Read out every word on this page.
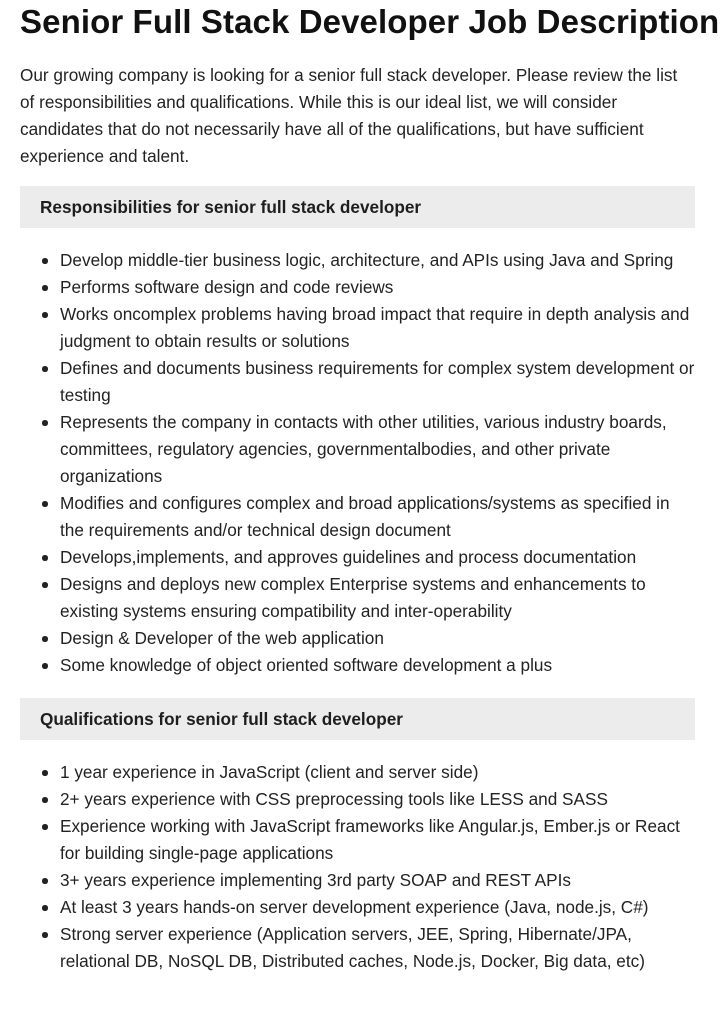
Senior Full Stack Developer Job Description

Our growing company is looking for a senior full stack developer. Please review the list of responsibilities and qualifications. While this is our ideal list, we will consider candidates that do not necessarily have all of the qualifications, but have sufficient experience and talent.

Responsibilities for senior full stack developer
Develop middle-tier business logic, architecture, and APIs using Java and Spring
Performs software design and code reviews
Works oncomplex problems having broad impact that require in depth analysis and judgment to obtain results or solutions
Defines and documents business requirements for complex system development or testing
Represents the company in contacts with other utilities, various industry boards, committees, regulatory agencies, governmentalbodies, and other private organizations
Modifies and configures complex and broad applications/systems as specified in the requirements and/or technical design document
Develops,implements, and approves guidelines and process documentation
Designs and deploys new complex Enterprise systems and enhancements to existing systems ensuring compatibility and inter-operability
Design & Developer of the web application
Some knowledge of object oriented software development a plus
Qualifications for senior full stack developer
1 year experience in JavaScript (client and server side)
2+ years experience with CSS preprocessing tools like LESS and SASS
Experience working with JavaScript frameworks like Angular.js, Ember.js or React for building single-page applications
3+ years experience implementing 3rd party SOAP and REST APIs
At least 3 years hands-on server development experience (Java, node.js, C#)
Strong server experience (Application servers, JEE, Spring, Hibernate/JPA, relational DB, NoSQL DB, Distributed caches, Node.js, Docker, Big data, etc)
